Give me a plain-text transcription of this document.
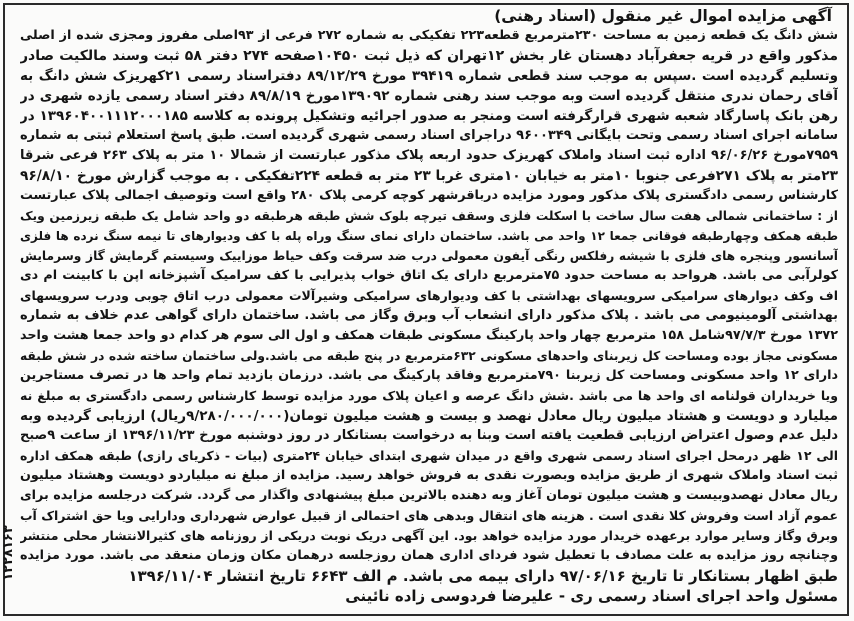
۱۲۲۸۱۶۳
آگهی مزایده اموال غیر منقول (اسناد رهنی)
شش دانگ یک قطعه زمین به مساحت ۲۳۰مترمربع قطعه۲۲۳ تفکیکی به شماره ۲۷۲ فرعی از ۹۳اصلی مفروز ومجزی شده از اصلی
مذکور واقع در قریه جعفرآباد دهستان غار بخش ۱۲تهران که ذیل ثبت ۱۰۴۵۰صفحه ۲۷۴ دفتر ۵۸ ثبت وسند مالکیت صادر
وتسلیم گردیده است .سپس به موجب سند قطعی شماره ۳۹۴۱۹ مورخ ۸۹/۱۲/۲۹ دفتراسناد رسمی ۲۱کهریزک شش دانگ به
آقای رحمان ندری منتقل گردیده است وبه موجب سند رهنی شماره ۱۳۹۰۹۲مورخ ۸۹/۸/۱۹ دفتر اسناد رسمی یازده شهری در
رهن بانک پاسارگاد شعبه شهری قرارگرفته است ومنجر به صدور اجرائیه وتشکیل پرونده به کلاسه ۱۳۹۶۰۴۰۰۱۱۱۲۰۰۰۱۸۵ در
سامانه اجرای اسناد رسمی وتحت بایگانی ۹۶۰۰۳۴۹ دراجرای اسناد رسمی شهری گردیده است. طبق پاسخ استعلام ثبتی به شماره
۷۹۵۹مورخ ۹۶/۰۶/۲۶ اداره ثبت اسناد واملاک کهریزک حدود اربعه پلاک مذکور عبارتست از شمالا ۱۰ متر به پلاک ۲۶۳ فرعی شرقا
۲۳متر به پلاک ۲۷۱فرعی جنوبا ۱۰متر به خیابان ۱۰متری غربا ۲۳ متر به قطعه ۲۲۴تفکیکی . به موجب گزارش مورخ ۹۶/۸/۱۰
کارشناس رسمی دادگستری پلاک مذکور ومورد مزایده درباقرشهر کوچه کرمی پلاک ۲۸۰ واقع است وتوصیف اجمالی پلاک عبارتست
از : ساختمانی شمالی هفت سال ساخت با اسکلت فلزی وسقف تیرچه بلوک شش طبقه هرطبقه دو واحد شامل یک طبقه زیرزمین ویک
طبقه همکف وچهارطبقه فوقانی جمعا ۱۲ واحد می باشد. ساختمان دارای نمای سنگ وراه پله با کف ودیوارهای تا نیمه سنگ نرده ها فلزی
آسانسور وپنجره های فلزی با شیشه رفلکس رنگی آیفون معمولی درب ضد سرقت وکف حیاط موزاییک وسیستم گرمایش گاز وسرمایش
کولرآبی می باشد. هرواحد به مساحت حدود ۷۵مترمربع دارای یک اتاق خواب پذیرایی با کف سرامیک آشپزخانه اپن با کابینت ام دی
اف وکف دیوارهای سرامیکی سرویسهای بهداشتی با کف ودیوارهای سرامیکی وشیرآلات معمولی درب اتاق چوبی ودرب سرویسهای
بهداشتی آلومینیومی می باشد . پلاک مذکور دارای انشعاب آب وبرق وگاز می باشد. ساختمان دارای گواهی عدم خلاف به شماره
۱۳۷۲ مورخ ۹۷/۷/۳شامل ۱۵۸ مترمربع چهار واحد پارکینگ مسکونی طبقات همکف و اول الی سوم هر کدام دو واحد جمعا هشت واحد
مسکونی مجاز بوده ومساحت کل زیربنای واحدهای مسکونی ۶۳۲مترمربع در پنج طبقه می باشد.ولی ساختمان ساخته شده در شش طبقه
دارای ۱۲ واحد مسکونی ومساحت کل زیربنا ۷۹۰مترمربع وفاقد پارکینگ می باشد. درزمان بازدید تمام واحد ها در تصرف مستاجرین
ویا خریداران قولنامه ای واحد ها می باشد .شش دانگ عرصه و اعیان پلاک مورد مزایده توسط کارشناس رسمی دادگستری به مبلغ نه
میلیارد و دویست و هشتاد میلیون ریال معادل نهصد و بیست و هشت میلیون تومان(۹/۲۸۰/۰۰۰/۰۰۰ریال) ارزیابی گردیده وبه
دلیل عدم وصول اعتراض ارزیابی قطعیت یافته است وبنا به درخواست بستانکار در روز دوشنبه مورخ ۱۳۹۶/۱۱/۲۳ از ساعت ۹صبح
الی ۱۲ ظهر درمحل اجرای اسناد رسمی شهری واقع در میدان شهری ابتدای خیابان ۲۴متری (بیات - ذکریای رازی) طبقه همکف اداره
ثبت اسناد واملاک شهری از طریق مزایده وبصورت نقدی به فروش خواهد رسید. مزایده از مبلغ نه میلیاردو دویست وهشتاد میلیون
ریال معادل نهصدوبیست و هشت میلیون تومان آغاز وبه دهنده بالاترین مبلغ پیشنهادی واگذار می گردد. شرکت درجلسه مزایده برای
عموم آزاد است وفروش کلا نقدی است . هزینه های انتقال وبدهی های احتمالی از قبیل عوارض شهرداری ودارایی ویا حق اشتراک آب
وبرق وگاز وسایر موارد برعهده خریدار مورد مزایده خواهد بود. این آگهی دریک نوبت دریکی از روزنامه های کثیرالانتشار محلی منتشر
وچنانچه روز مزایده به علت مصادف با تعطیل شود فردای اداری همان روزجلسه درهمان مکان وزمان منعقد می باشد. مورد مزایده
طبق اظهار بستانکار تا تاریخ ۹۷/۰۶/۱۶ دارای بیمه می باشد. م الف ۶۶۴۳ تاریخ انتشار ۱۳۹۶/۱۱/۰۴
مسئول واحد اجرای اسناد رسمی ری - علیرضا فردوسی زاده نائینی
